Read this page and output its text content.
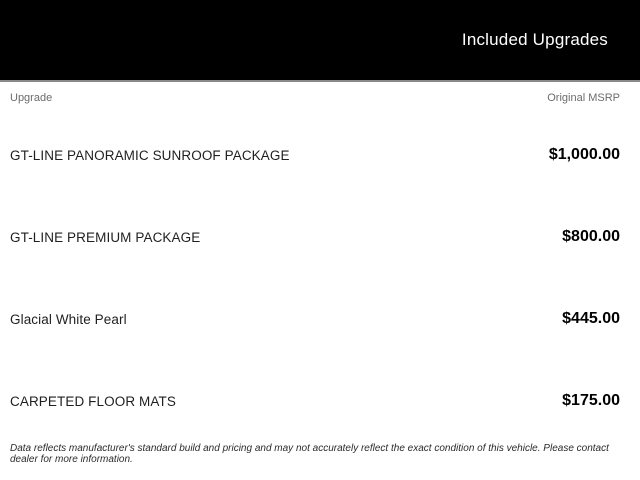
Included Upgrades
Upgrade	Original MSRP
GT-LINE PANORAMIC SUNROOF PACKAGE	$1,000.00
GT-LINE PREMIUM PACKAGE	$800.00
Glacial White Pearl	$445.00
CARPETED FLOOR MATS	$175.00
Data reflects manufacturer's standard build and pricing and may not accurately reflect the exact condition of this vehicle. Please contact dealer for more information.
